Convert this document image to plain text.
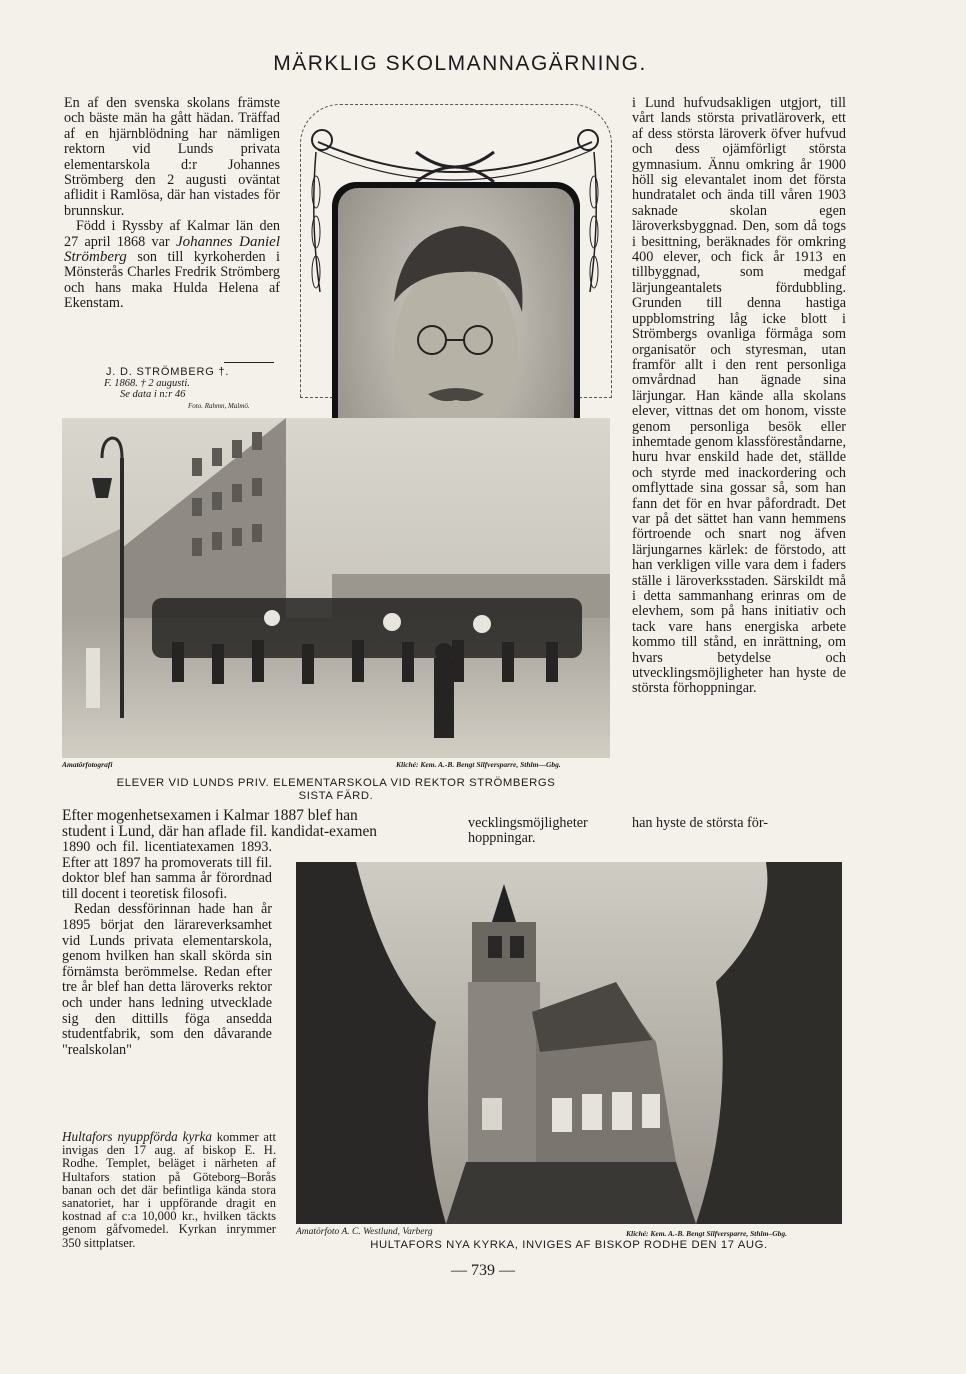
MÄRKLIG SKOLMANNAGÄRNING.

En af den svenska skolans främste och bäste män ha gått hädan. Träffad af en hjärnblödning har nämligen rektorn vid Lunds privata elementarskola d:r Johannes Strömberg den 2 augusti oväntat aflidit i Ramlösa, där han vistades för brunnskur.

Född i Ryssby af Kalmar län den 27 april 1868 var Johannes Daniel Strömberg son till kyrkoherden i Mönsterås Charles Fredrik Strömberg och hans maka Hulda Helena af Ekenstam.

J. D. STRÖMBERG †.
F. 1868. † 2 augusti.
Se data i n:r 46
Foto. Rahmn, Malmö.
Amatörfotografi	Kliché: Kem. A.-B. Bengt Silfversparre, Sthlm—Gbg.
ELEVER VID LUNDS PRIV. ELEMENTARSKOLA VID REKTOR STRÖMBERGS
SISTA FÄRD.

i Lund hufvudsakligen utgjort, till vårt lands största privatläroverk, ett af dess största läroverk öfver hufvud och dess ojämförligt största gymnasium. Ännu omkring år 1900 höll sig elevantalet inom det första hundratalet och ända till våren 1903 saknade skolan egen läroverksbyggnad. Den, som då togs i besittning, beräknades för omkring 400 elever, och fick år 1913 en tillbyggnad, som medgaf lärjungeantalets fördubbling. Grunden till denna hastiga uppblomstring låg icke blott i Strömbergs ovanliga förmåga som organisatör och styresman, utan framför allt i den rent personliga omvårdnad han ägnade sina lärjungar. Han kände alla skolans elever, vittnas det om honom, visste genom personliga besök eller inhemtade genom klassföreståndarne, huru hvar enskild hade det, ställde och styrde med inackordering och omflyttade sina gossar så, som han fann det för en hvar påfordradt. Det var på det sättet han vann hemmens förtroende och snart nog äfven lärjungarnes kärlek: de förstodo, att han verkligen ville vara dem i faders ställe i läroverksstaden. Särskildt må i detta sammanhang erinras om de elevhem, som på hans initiativ och tack vare hans energiska arbete kommo till stånd, en inrättning, om hvars betydelse och utvecklingsmöjligheter han hyste de största förhoppningar.

han hyste de största för-

vecklingsmöjligheter

hoppningar.

Efter mogenhetsexamen i Kalmar 1887 blef han

student i Lund, där han aflade fil. kandidat-examen

1890 och fil. licentiatexamen 1893. Efter att 1897 ha promoverats till fil. doktor blef han samma år förordnad till docent i teoretisk filosofi.

Redan dessförinnan hade han år 1895 börjat den lärareverksamhet vid Lunds privata elementarskola, genom hvilken han skall skörda sin förnämsta berömmelse. Redan efter tre år blef han detta läroverks rektor och under hans ledning utvecklade sig den dittills föga ansedda studentfabrik, som den dåvarande "realskolan"

Hultafors nyuppförda kyrka kommer att invigas den 17 aug. af biskop E. H. Rodhe. Templet, beläget i närheten af Hultafors station på Göteborg–Borås banan och det där befintliga kända stora sanatoriet, har i uppförande dragit en kostnad af c:a 10,000 kr., hvilken täckts genom gåfvomedel. Kyrkan inrymmer 350 sittplatser.

Amatörfoto A. C. Westlund, Varberg	Kliché: Kem. A.-B. Bengt Silfversparre, Sthlm–Gbg.
HULTAFORS NYA KYRKA, INVIGES AF BISKOP RODHE DEN 17 AUG.
— 739 —
